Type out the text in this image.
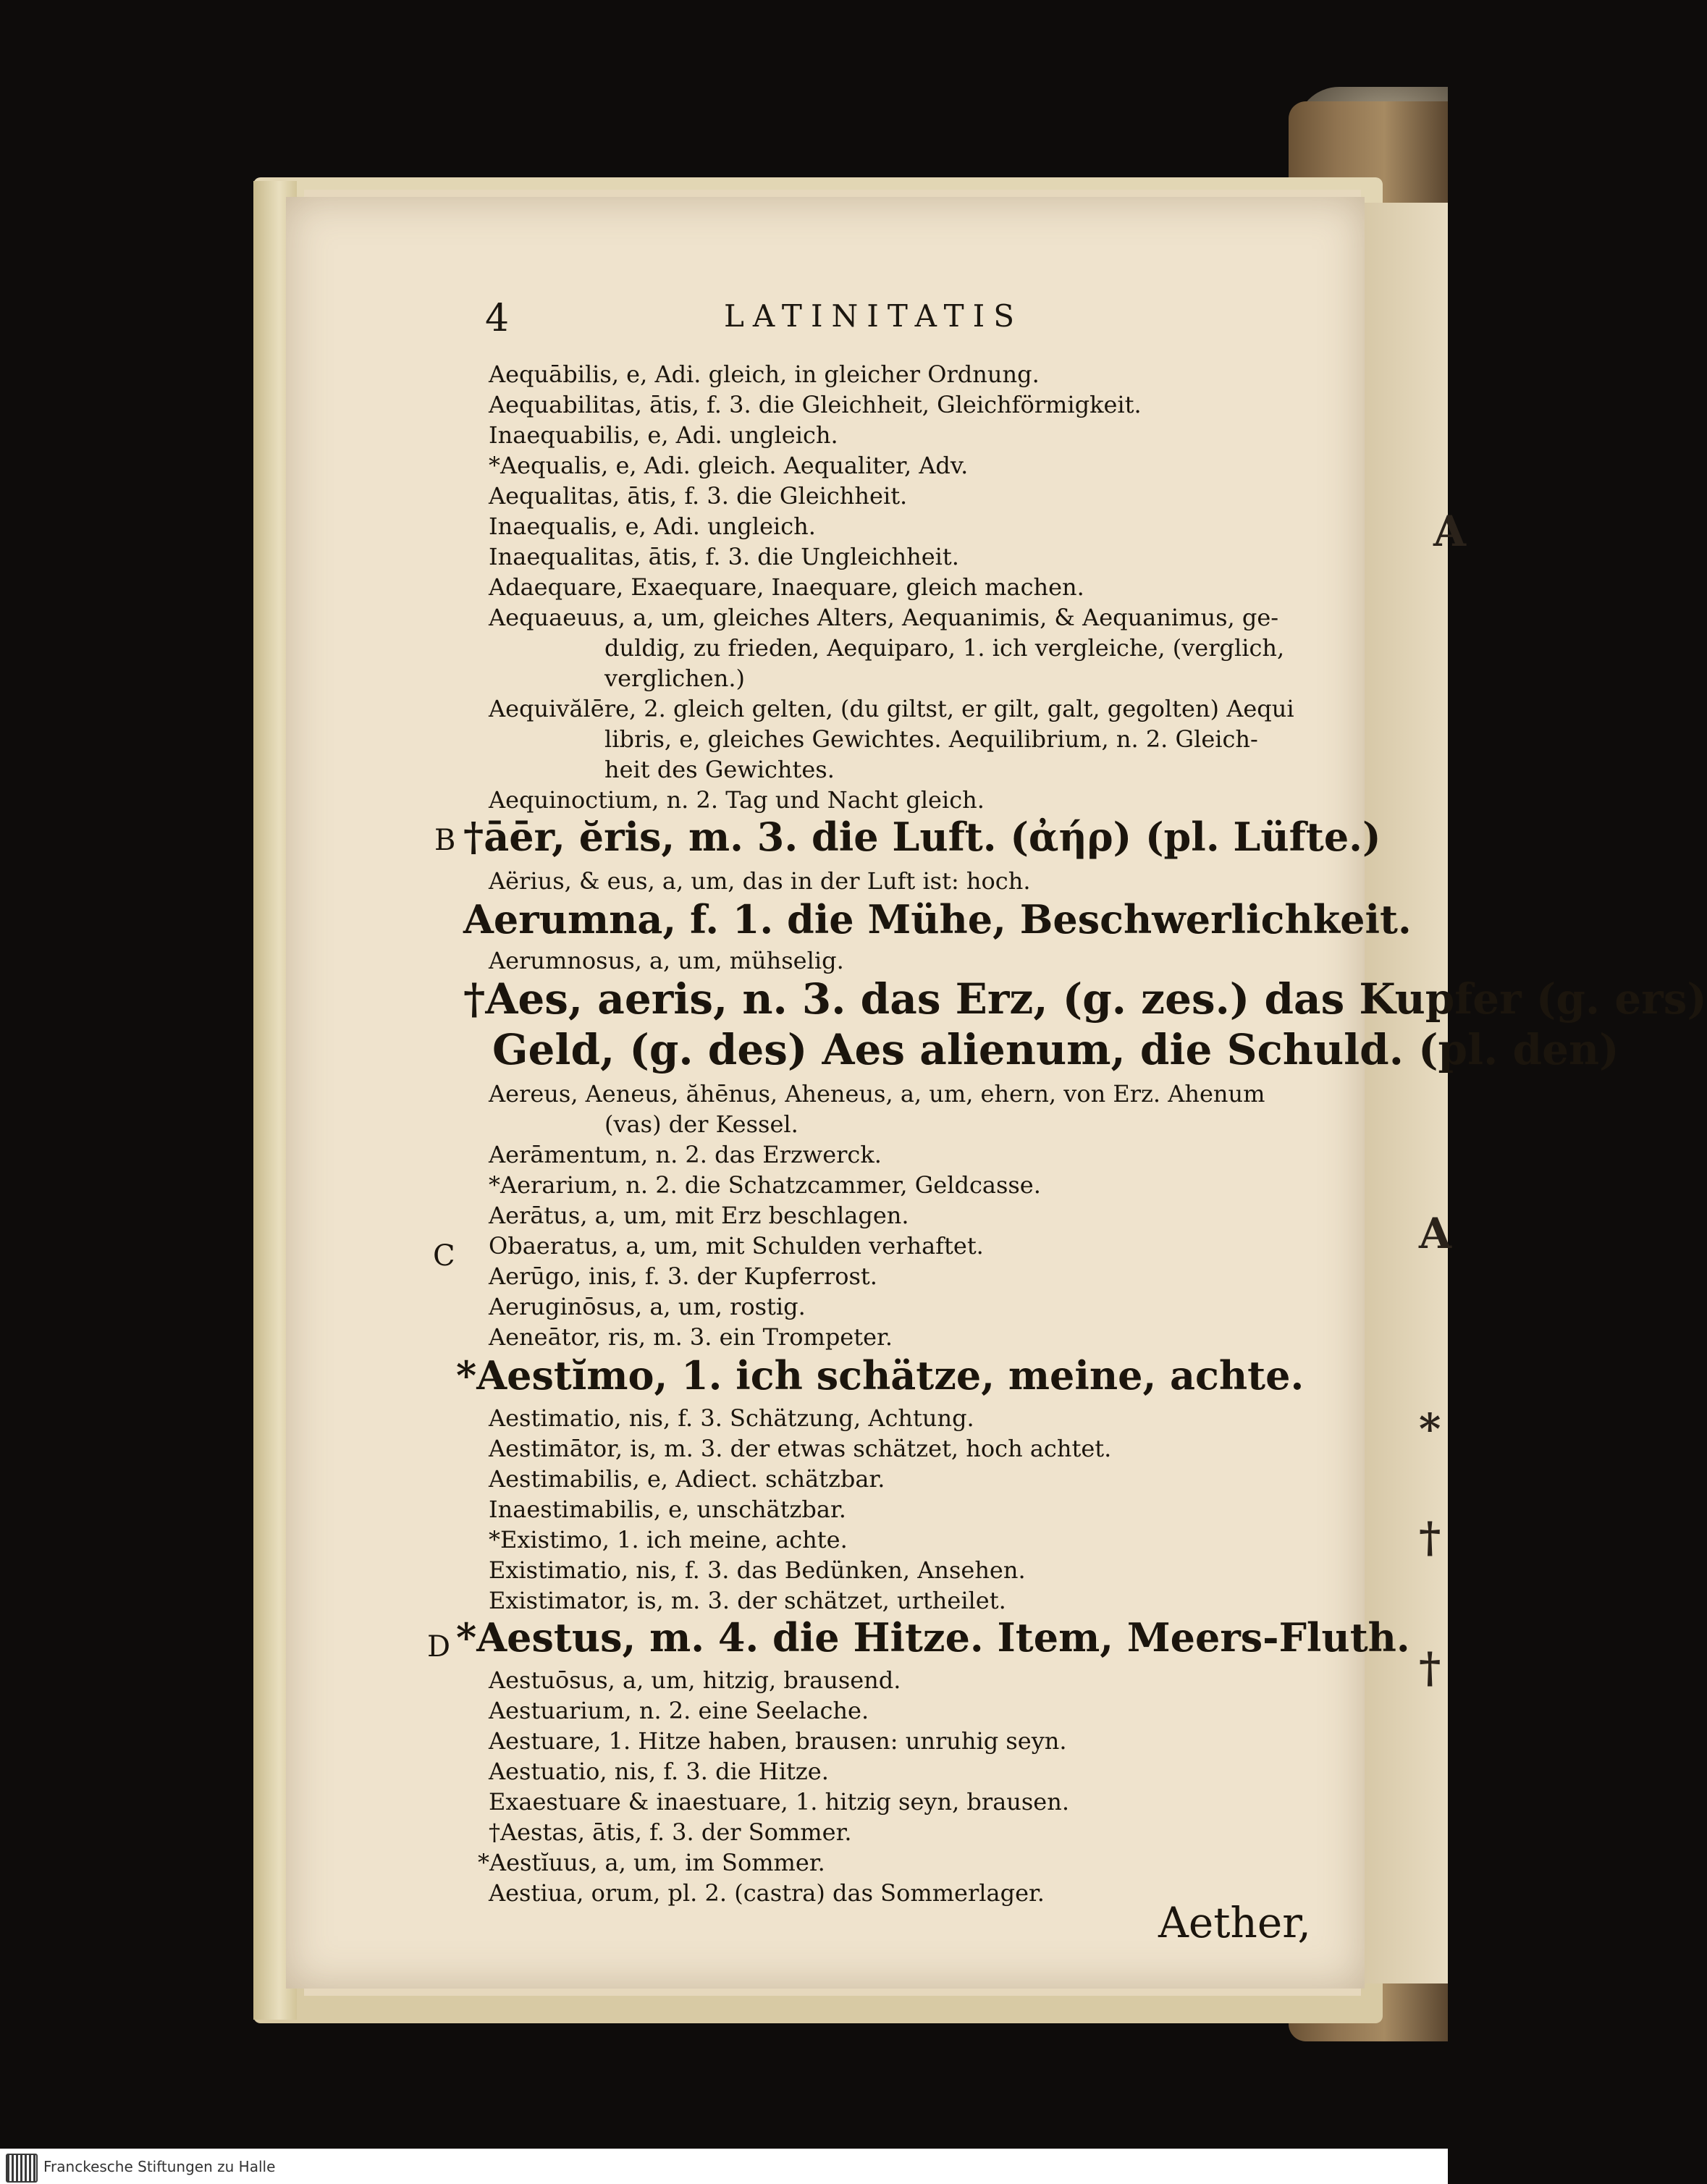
A
A
*
†
†
4	LATINITATIS
Aequābilis, e, Adi. gleich, in gleicher Ordnung.
Aequabilitas, ātis, f. 3. die Gleichheit, Gleichförmigkeit.
Inaequabilis, e, Adi. ungleich.
*Aequalis, e, Adi. gleich. Aequaliter, Adv.
Aequalitas, ātis, f. 3. die Gleichheit.
Inaequalis, e, Adi. ungleich.
Inaequalitas, ātis, f. 3. die Ungleichheit.
Adaequare, Exaequare, Inaequare, gleich machen.
Aequaeuus, a, um, gleiches Alters, Aequanimis, & Aequanimus, ge-
duldig, zu frieden, Aequiparo, 1. ich vergleiche, (verglich,
verglichen.)
Aequivălēre, 2. gleich gelten, (du giltst, er gilt, galt, gegolten) Aequi
libris, e, gleiches Gewichtes. Aequilibrium, n. 2. Gleich-
heit des Gewichtes.
Aequinoctium, n. 2. Tag und Nacht gleich.
B †āēr, ĕris, m. 3. die Luft. (ἀήρ) (pl. Lüfte.)
Aërius, & eus, a, um, das in der Luft ist: hoch.
Aerumna, f. 1. die Mühe, Beschwerlichkeit.
Aerumnosus, a, um, mühselig.
†Aes, aeris, n. 3. das Erz, (g. zes.) das Kupfer (g. ers)
Geld, (g. des) Aes alienum, die Schuld. (pl. den)
Aereus, Aeneus, ăhēnus, Aheneus, a, um, ehern, von Erz. Ahenum
(vas) der Kessel.
Aerāmentum, n. 2. das Erzwerck.
*Aerarium, n. 2. die Schatzcammer, Geldcasse.
Aerātus, a, um, mit Erz beschlagen.
C Obaeratus, a, um, mit Schulden verhaftet.
Aerūgo, inis, f. 3. der Kupferrost.
Aeruginōsus, a, um, rostig.
Aeneātor, ris, m. 3. ein Trompeter.
*Aestĭmo, 1. ich schätze, meine, achte.
Aestimatio, nis, f. 3. Schätzung, Achtung.
Aestimātor, is, m. 3. der etwas schätzet, hoch achtet.
Aestimabilis, e, Adiect. schätzbar.
Inaestimabilis, e, unschätzbar.
*Existimo, 1. ich meine, achte.
Existimatio, nis, f. 3. das Bedünken, Ansehen.
Existimator, is, m. 3. der schätzet, urtheilet.
D *Aestus, m. 4. die Hitze. Item, Meers-Fluth.
Aestuōsus, a, um, hitzig, brausend.
Aestuarium, n. 2. eine Seelache.
Aestuare, 1. Hitze haben, brausen: unruhig seyn.
Aestuatio, nis, f. 3. die Hitze.
Exaestuare & inaestuare, 1. hitzig seyn, brausen.
†Aestas, ātis, f. 3. der Sommer.
*Aestĭuus, a, um, im Sommer.
Aestiua, orum, pl. 2. (castra) das Sommerlager.
Aether,
Franckesche Stiftungen zu Halle
